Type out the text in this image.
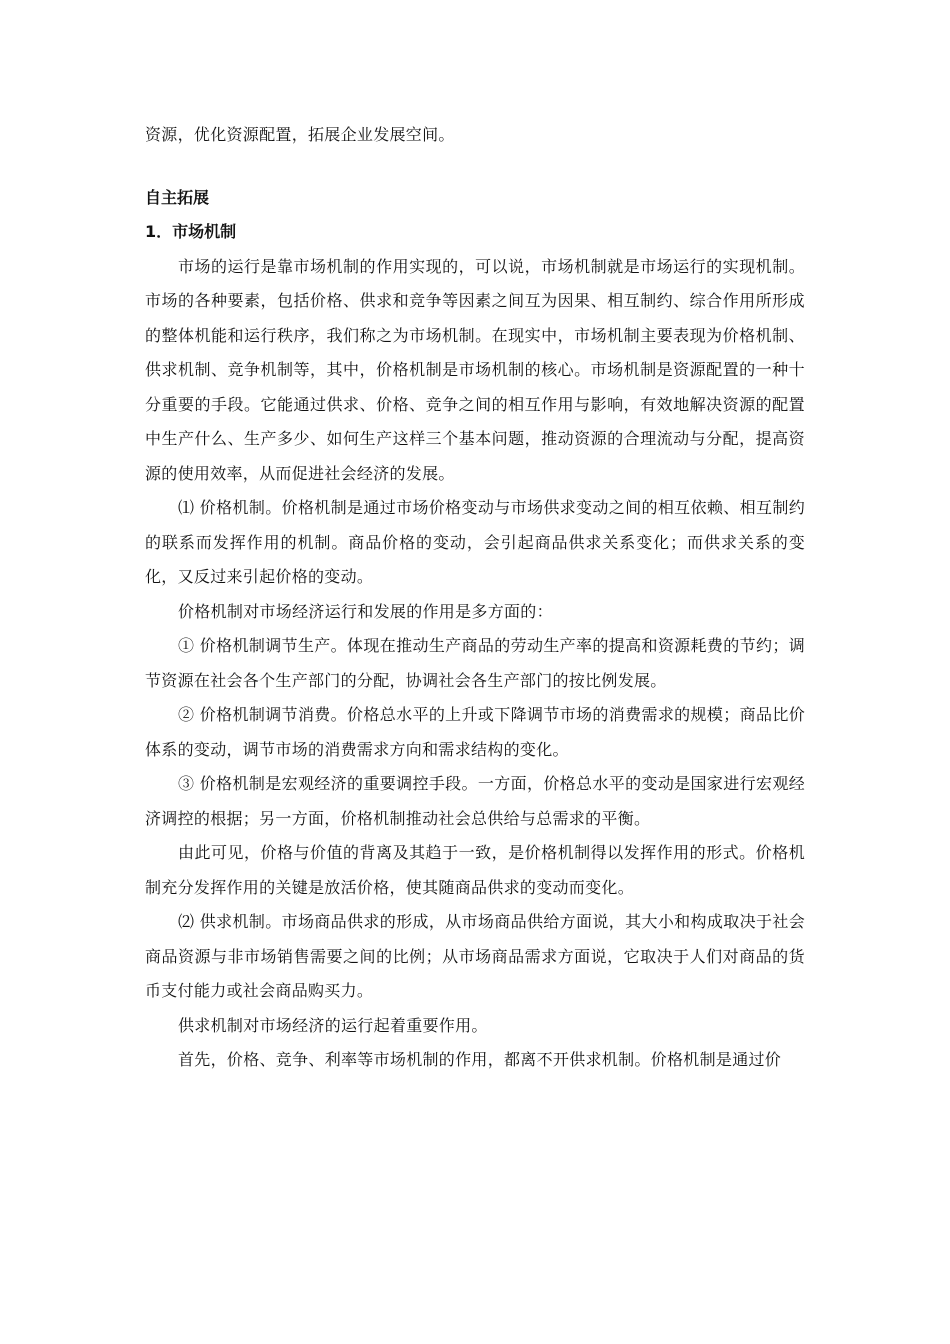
资源，优化资源配置，拓展企业发展空间。

自主拓展

1．市场机制

市场的运行是靠市场机制的作用实现的，可以说，市场机制就是市场运行的实现机制。市场的各种要素，包括价格、供求和竞争等因素之间互为因果、相互制约、综合作用所形成的整体机能和运行秩序，我们称之为市场机制。在现实中，市场机制主要表现为价格机制、供求机制、竞争机制等，其中，价格机制是市场机制的核心。市场机制是资源配置的一种十分重要的手段。它能通过供求、价格、竞争之间的相互作用与影响，有效地解决资源的配置中生产什么、生产多少、如何生产这样三个基本问题，推动资源的合理流动与分配，提高资源的使用效率，从而促进社会经济的发展。

⑴ 价格机制。价格机制是通过市场价格变动与市场供求变动之间的相互依赖、相互制约的联系而发挥作用的机制。商品价格的变动，会引起商品供求关系变化；而供求关系的变化，又反过来引起价格的变动。

价格机制对市场经济运行和发展的作用是多方面的：

① 价格机制调节生产。体现在推动生产商品的劳动生产率的提高和资源耗费的节约；调节资源在社会各个生产部门的分配，协调社会各生产部门的按比例发展。

② 价格机制调节消费。价格总水平的上升或下降调节市场的消费需求的规模；商品比价体系的变动，调节市场的消费需求方向和需求结构的变化。

③ 价格机制是宏观经济的重要调控手段。一方面，价格总水平的变动是国家进行宏观经济调控的根据；另一方面，价格机制推动社会总供给与总需求的平衡。

由此可见，价格与价值的背离及其趋于一致，是价格机制得以发挥作用的形式。价格机制充分发挥作用的关键是放活价格，使其随商品供求的变动而变化。

⑵ 供求机制。市场商品供求的形成，从市场商品供给方面说，其大小和构成取决于社会商品资源与非市场销售需要之间的比例；从市场商品需求方面说，它取决于人们对商品的货币支付能力或社会商品购买力。

供求机制对市场经济的运行起着重要作用。

首先，价格、竞争、利率等市场机制的作用，都离不开供求机制。价格机制是通过价
